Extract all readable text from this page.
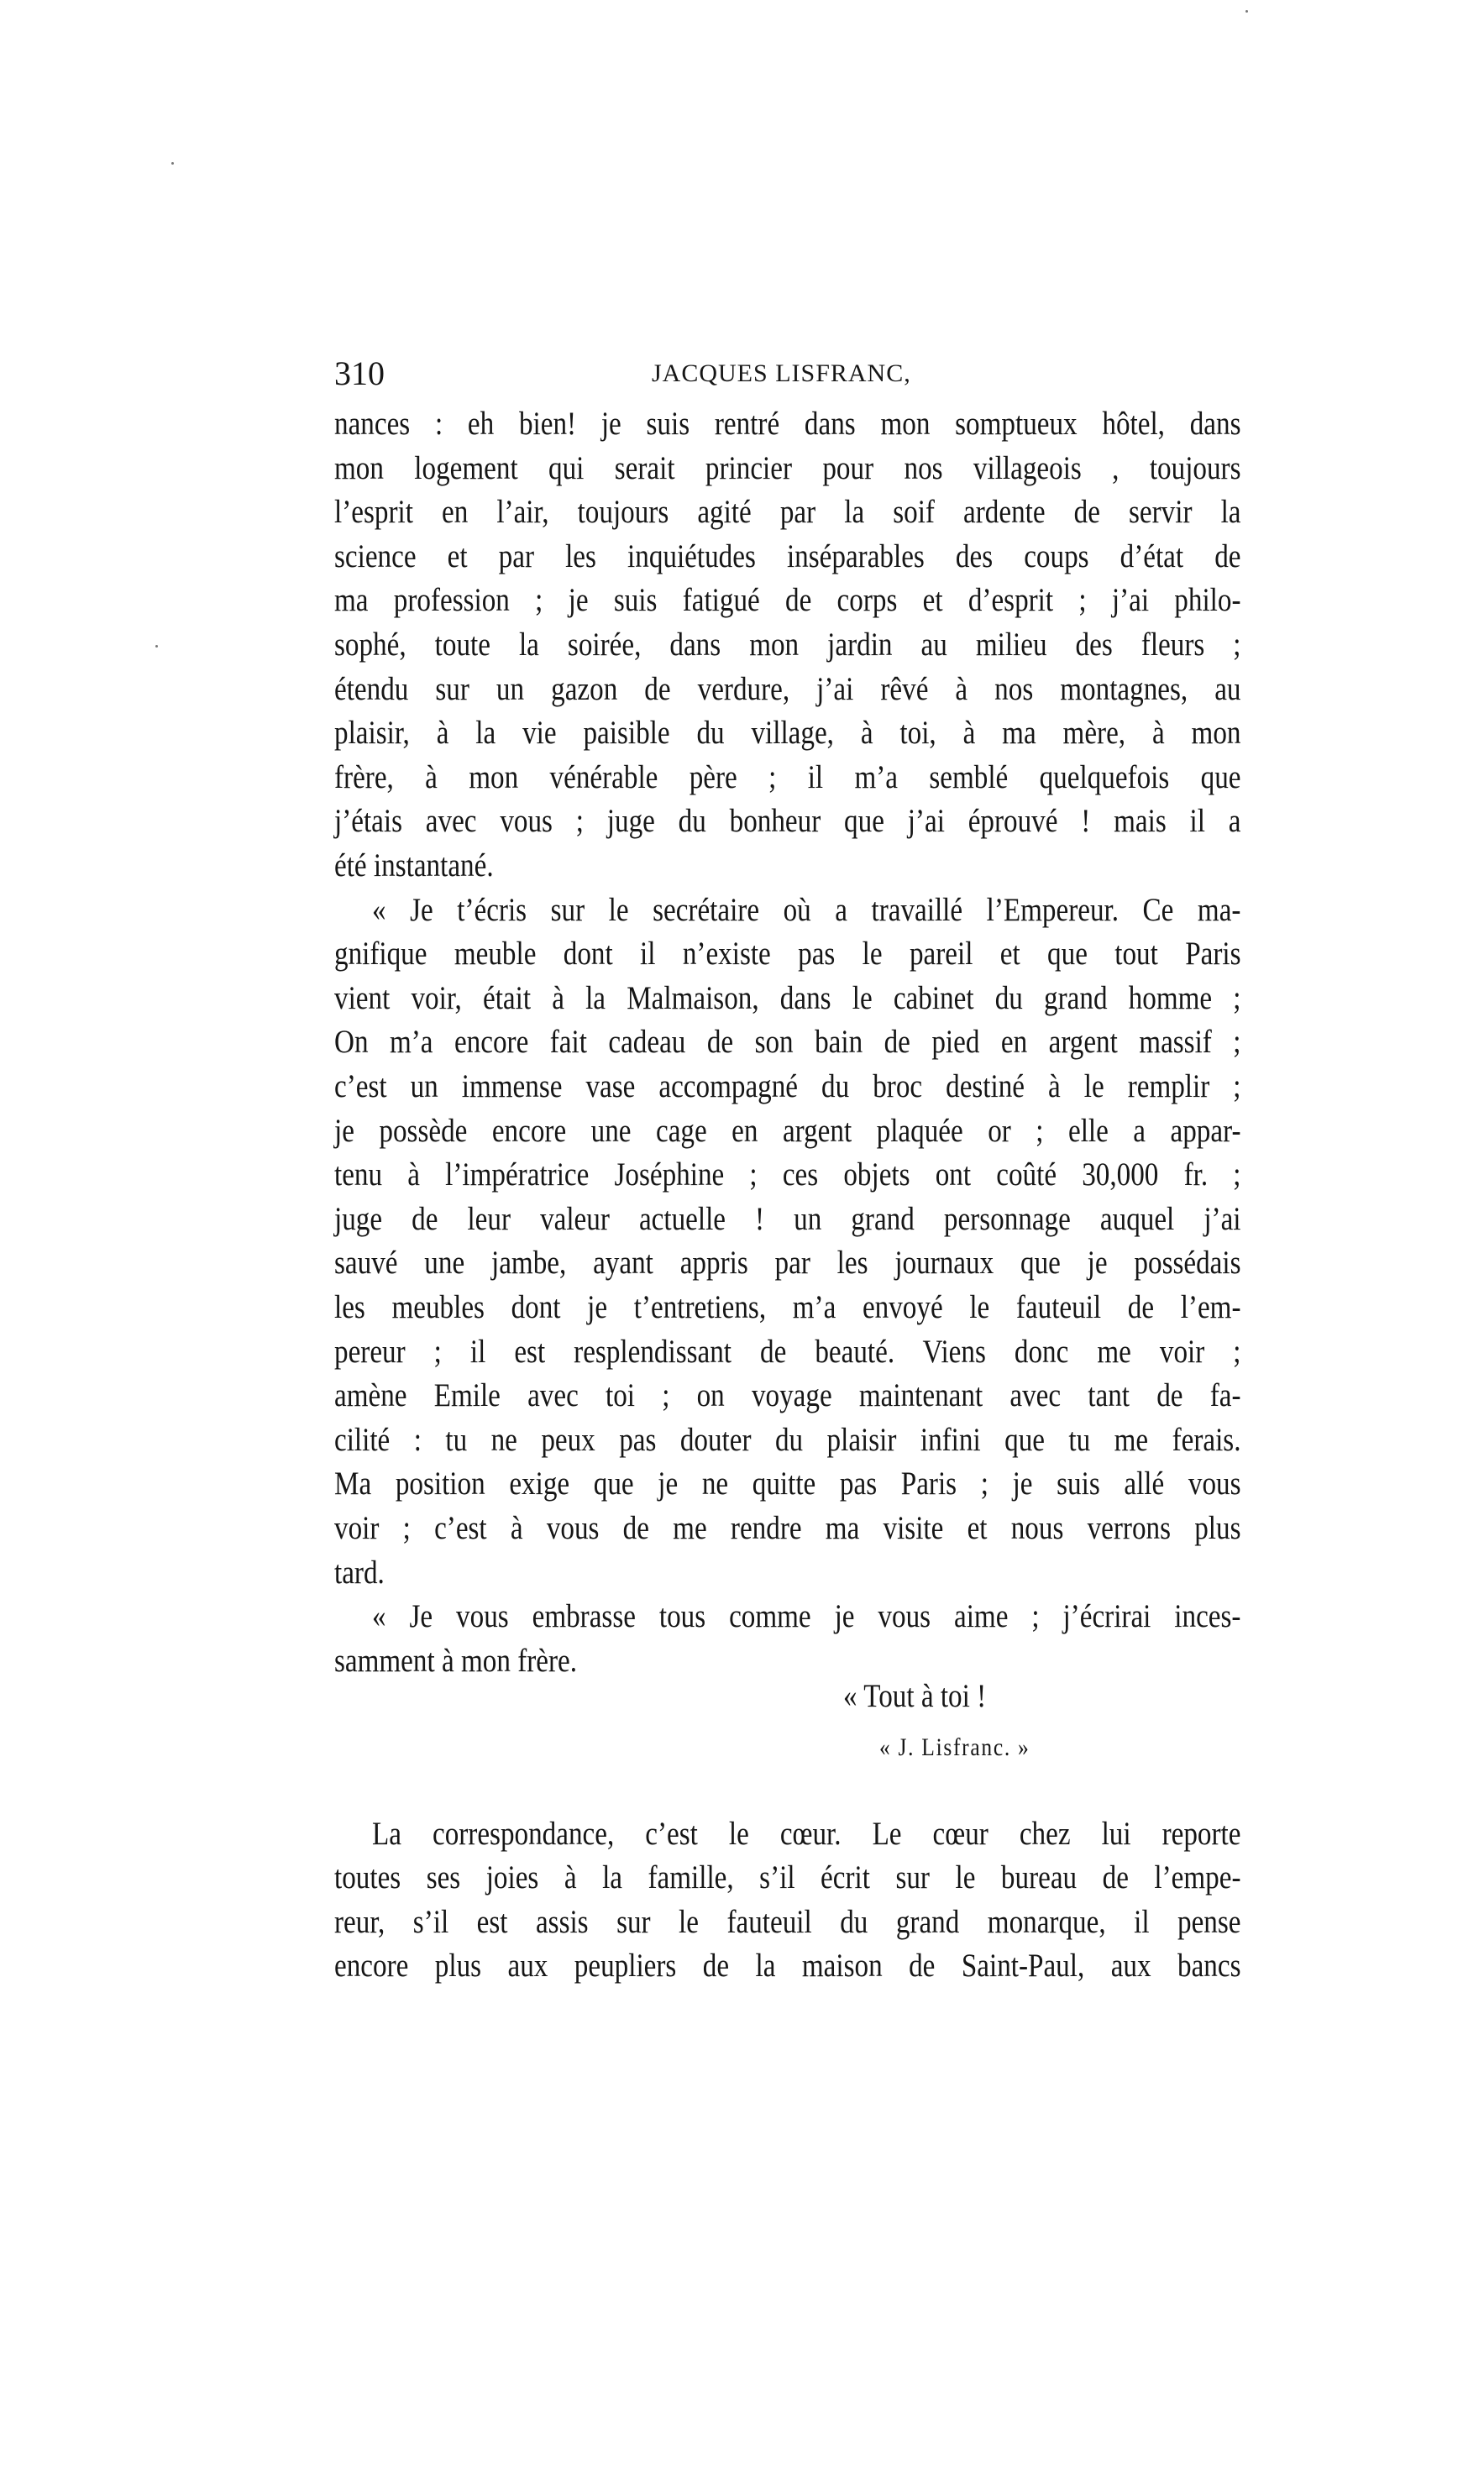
310	JACQUES LISFRANC,
nances : eh bien! je suis rentré dans mon somptueux hôtel, dans
mon logement qui serait princier pour nos villageois , toujours
l’esprit en l’air, toujours agité par la soif ardente de servir la
science et par les inquiétudes inséparables des coups d’état de
ma profession ; je suis fatigué de corps et d’esprit ; j’ai philo-
sophé, toute la soirée, dans mon jardin au milieu des fleurs ;
étendu sur un gazon de verdure, j’ai rêvé à nos montagnes, au
plaisir, à la vie paisible du village, à toi, à ma mère, à mon
frère, à mon vénérable père ; il m’a semblé quelquefois que
j’étais avec vous ; juge du bonheur que j’ai éprouvé ! mais il a
été instantané.
« Je t’écris sur le secrétaire où a travaillé l’Empereur. Ce ma-
gnifique meuble dont il n’existe pas le pareil et que tout Paris
vient voir, était à la Malmaison, dans le cabinet du grand homme ;
On m’a encore fait cadeau de son bain de pied en argent massif ;
c’est un immense vase accompagné du broc destiné à le remplir ;
je possède encore une cage en argent plaquée or ; elle a appar-
tenu à l’impératrice Joséphine ; ces objets ont coûté 30,000 fr. ;
juge de leur valeur actuelle ! un grand personnage auquel j’ai
sauvé une jambe, ayant appris par les journaux que je possédais
les meubles dont je t’entretiens, m’a envoyé le fauteuil de l’em-
pereur ; il est resplendissant de beauté. Viens donc me voir ;
amène Emile avec toi ; on voyage maintenant avec tant de fa-
cilité : tu ne peux pas douter du plaisir infini que tu me ferais.
Ma position exige que je ne quitte pas Paris ; je suis allé vous
voir ; c’est à vous de me rendre ma visite et nous verrons plus
tard.
« Je vous embrasse tous comme je vous aime ; j’écrirai inces-
samment à mon frère.
« Tout à toi !
« J. Lisfranc. »
La correspondance, c’est le cœur. Le cœur chez lui reporte
toutes ses joies à la famille, s’il écrit sur le bureau de l’empe-
reur, s’il est assis sur le fauteuil du grand monarque, il pense
encore plus aux peupliers de la maison de Saint-Paul, aux bancs
